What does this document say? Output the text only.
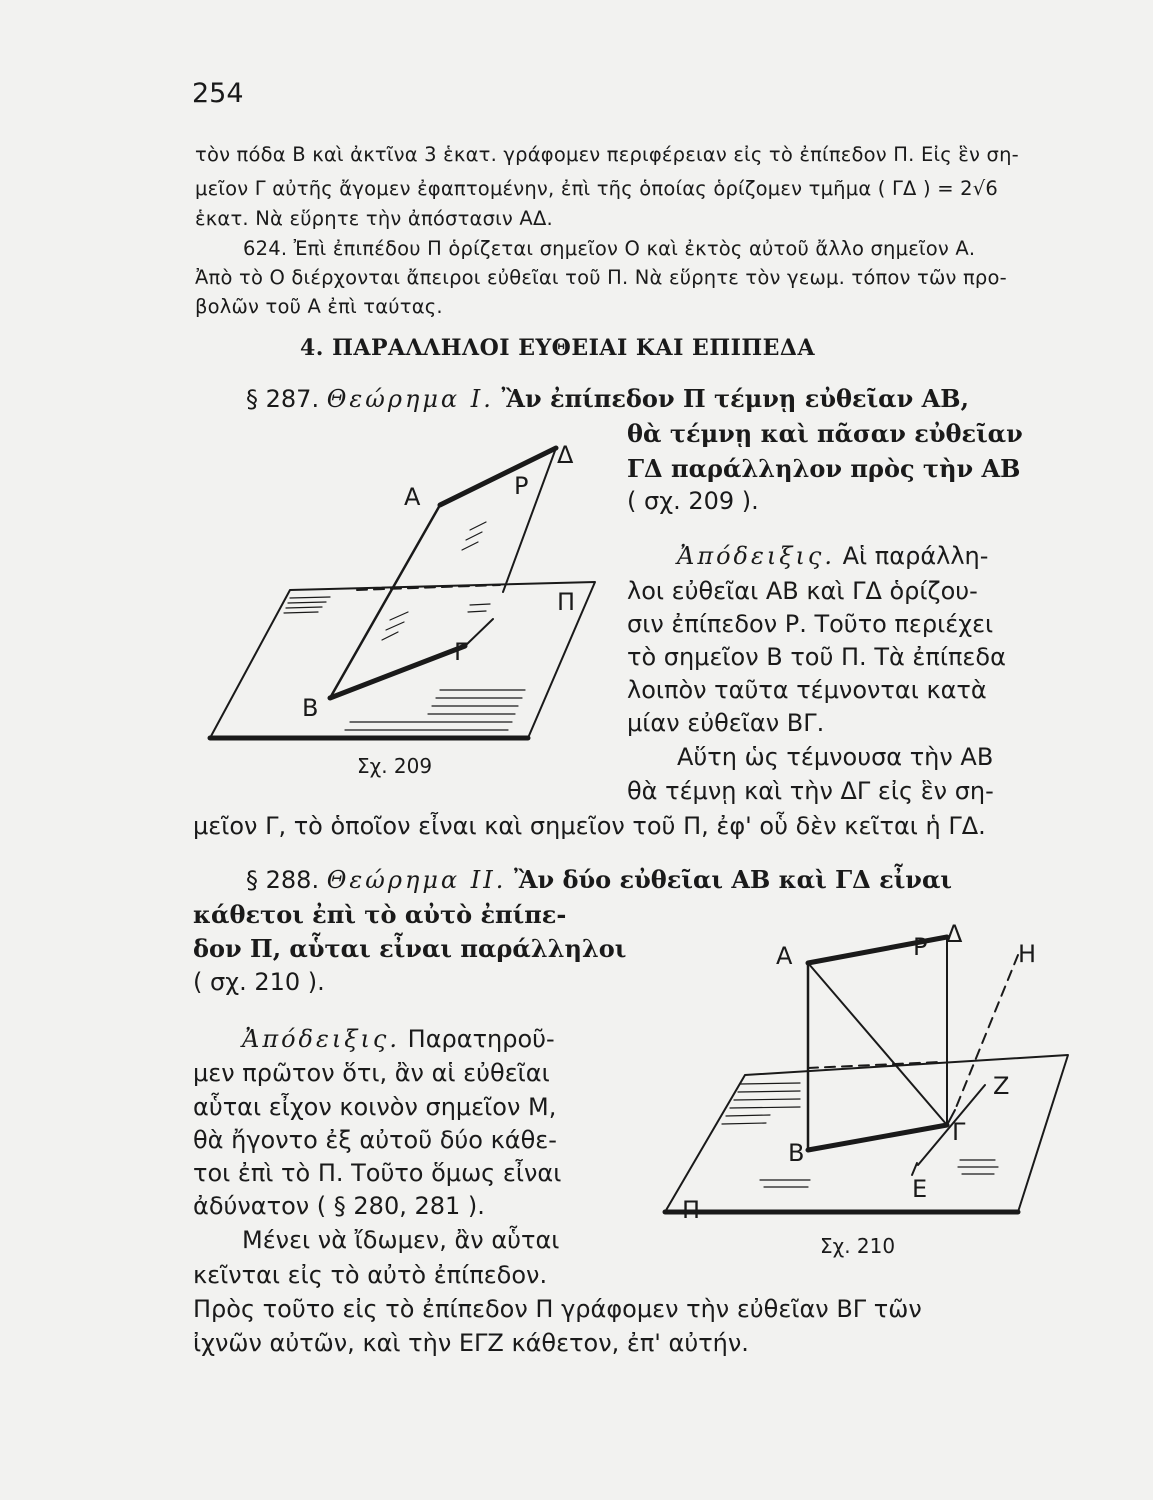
254
τὸν πόδα Β καὶ ἀκτῖνα 3 ἑκατ. γράφομεν περιφέρειαν εἰς τὸ ἐπίπεδον Π. Εἰς ἓν ση-
μεῖον Γ αὐτῆς ἄγομεν ἐφαπτομένην, ἐπὶ τῆς ὁποίας ὁρίζομεν τμῆμα ( ΓΔ ) = 2√6
ἑκατ. Νὰ εὕρητε τὴν ἀπόστασιν ΑΔ.
624. Ἐπὶ ἐπιπέδου Π ὁρίζεται σημεῖον Ο καὶ ἐκτὸς αὐτοῦ ἄλλο σημεῖον Α.
Ἀπὸ τὸ Ο διέρχονται ἄπειροι εὐθεῖαι τοῦ Π. Νὰ εὕρητε τὸν γεωμ. τόπον τῶν προ-
βολῶν τοῦ Α ἐπὶ ταύτας.
4. ΠΑΡΑΛΛΗΛΟΙ ΕΥΘΕΙΑΙ ΚΑΙ ΕΠΙΠΕΔΑ
§ 287. Θεώρημα Ι. Ἂν ἐπίπεδον Π τέμνῃ εὐθεῖαν ΑΒ,
θὰ τέμνῃ καὶ πᾶσαν εὐθεῖαν
ΓΔ παράλληλον πρὸς τὴν ΑΒ
( σχ. 209 ).
Ἀπόδειξις. Αἱ παράλλη-
λοι εὐθεῖαι ΑΒ καὶ ΓΔ ὁρίζου-
σιν ἐπίπεδον Ρ. Τοῦτο περιέχει
τὸ σημεῖον Β τοῦ Π. Τὰ ἐπίπεδα
λοιπὸν ταῦτα τέμνονται κατὰ
μίαν εὐθεῖαν ΒΓ.
Αὕτη ὡς τέμνουσα τὴν ΑΒ
θὰ τέμνῃ καὶ τὴν ΔΓ εἰς ἓν ση-
μεῖον Γ, τὸ ὁποῖον εἶναι καὶ σημεῖον τοῦ Π, ἐφ' οὗ δὲν κεῖται ἡ ΓΔ.
Α	Ρ
Δ
Π
Γ
Β
Σχ. 209
§ 288. Θεώρημα ΙΙ. Ἂν δύο εὐθεῖαι ΑΒ καὶ ΓΔ εἶναι
κάθετοι ἐπὶ τὸ αὐτὸ ἐπίπε-
δον Π, αὗται εἶναι παράλληλοι
( σχ. 210 ).
Ἀπόδειξις. Παρατηροῦ-
μεν πρῶτον ὅτι, ἂν αἱ εὐθεῖαι
αὗται εἶχον κοινὸν σημεῖον Μ,
θὰ ἤγοντο ἐξ αὐτοῦ δύο κάθε-
τοι ἐπὶ τὸ Π. Τοῦτο ὅμως εἶναι
ἀδύνατον ( § 280, 281 ).
Μένει νὰ ἴδωμεν, ἂν αὗται
κεῖνται εἰς τὸ αὐτὸ ἐπίπεδον.
Πρὸς τοῦτο εἰς τὸ ἐπίπεδον Π γράφομεν τὴν εὐθεῖαν ΒΓ τῶν
ἰχνῶν αὐτῶν, καὶ τὴν ΕΓΖ κάθετον, ἐπ' αὐτήν.
Α	Ρ Δ
Η
Ζ
Γ
Β
Ε
Π
Σχ. 210
